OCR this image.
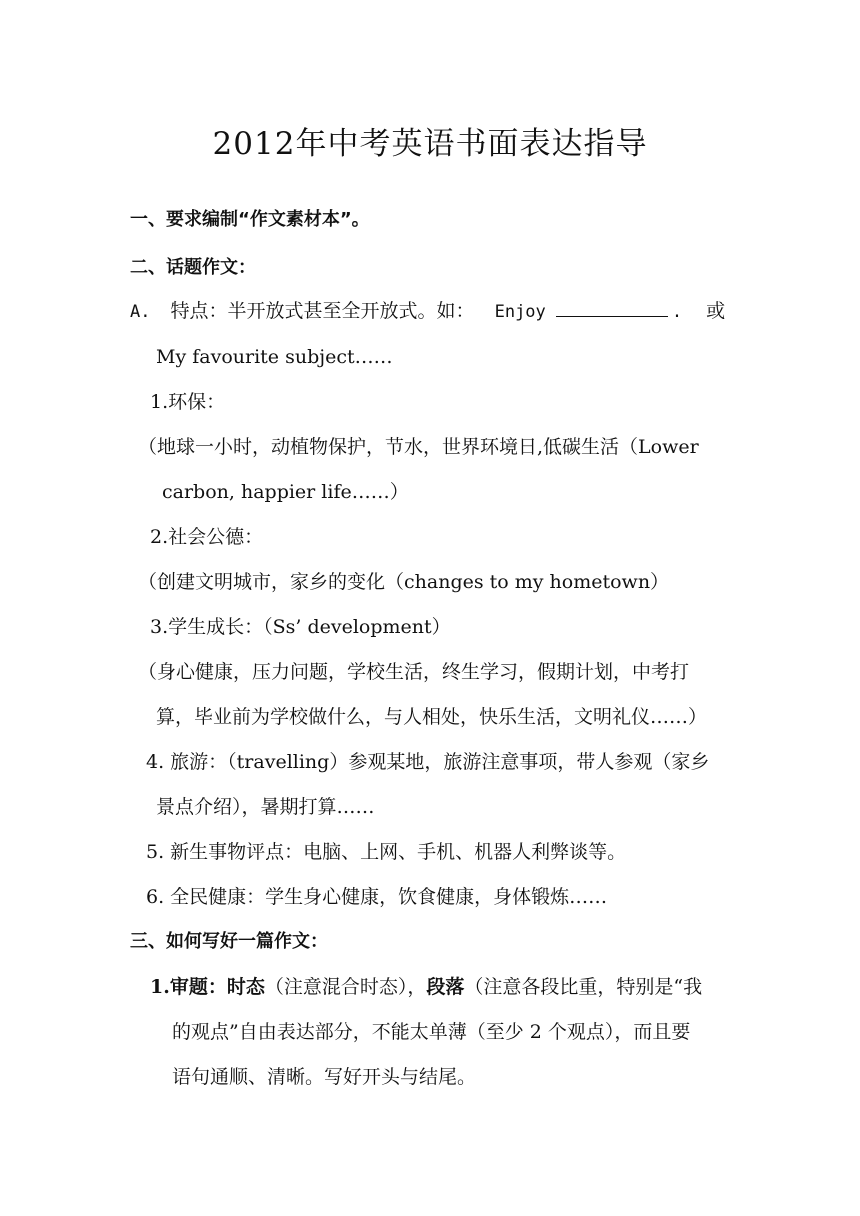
2012年中考英语书面表达指导
一、要求编制“作文素材本”。
二、话题作文：
A. 特点：半开放式甚至全开放式。如： Enjoy	. 或
My favourite subject……
1.环保：
（地球一小时，动植物保护，节水，世界环境日,低碳生活（Lower
carbon, happier life……）
2.社会公德：
（创建文明城市，家乡的变化（changes to my hometown）
3.学生成长：（Ss’ development）
（身心健康，压力问题，学校生活，终生学习，假期计划，中考打
算，毕业前为学校做什么，与人相处，快乐生活，文明礼仪……）
4. 旅游：（travelling）参观某地，旅游注意事项，带人参观（家乡
景点介绍），暑期打算……
5. 新生事物评点：电脑、上网、手机、机器人利弊谈等。
6. 全民健康：学生身心健康，饮食健康，身体锻炼……
三、如何写好一篇作文：
1.审题：时态（注意混合时态），段落（注意各段比重，特别是“我
的观点”自由表达部分，不能太单薄（至少 2 个观点），而且要
语句通顺、清晰。写好开头与结尾。
